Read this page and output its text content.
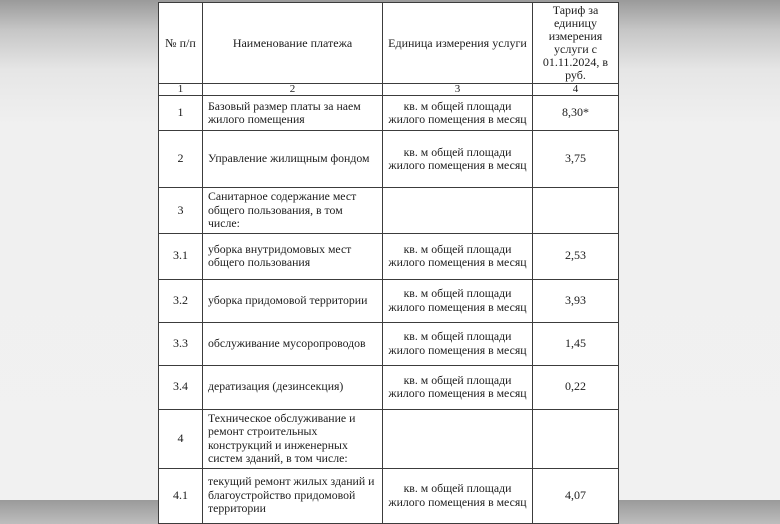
№ п/п	Наименование платежа	Единица измерения услуги	Тариф за единицу измерения услуги с 01.11.2024, в руб.
1	2	3	4
1	Базовый размер платы за наем жилого помещения	кв. м общей площади жилого помещения в месяц	8,30*
2	Управление жилищным фондом	кв. м общей площади жилого помещения в месяц	3,75
3	Санитарное содержание мест общего пользования, в том числе:		
3.1	уборка внутридомовых мест общего пользования	кв. м общей площади жилого помещения в месяц	2,53
3.2	уборка придомовой территории	кв. м общей площади жилого помещения в месяц	3,93
3.3	обслуживание мусоропроводов	кв. м общей площади жилого помещения в месяц	1,45
3.4	дератизация (дезинсекция)	кв. м общей площади жилого помещения в месяц	0,22
4	Техническое обслуживание и ремонт строительных конструкций и инженерных систем зданий, в том числе:		
4.1	текущий ремонт жилых зданий и благоустройство придомовой территории	кв. м общей площади жилого помещения в месяц	4,07
